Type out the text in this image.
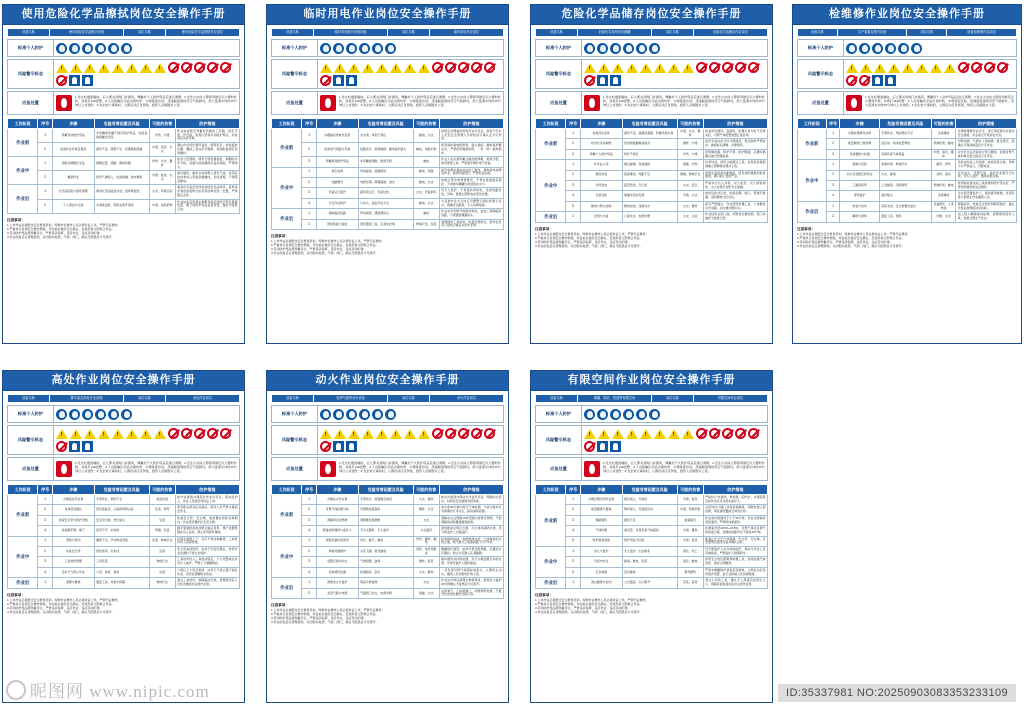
有限空间作业岗位安全操作手册
设备名称	储罐、地坑、管道等有限空间	岗位名称	有限空间作业岗位
标准个人防护
风险警示标志
!
!
!
!
!
!
!
!
应急处置
1.发生轻微泄漏时，应立即关闭阀门并通风，佩戴好个人防护用品后进行清理；2.发生火灾时立即使用就近灭火器材扑救，并拨打119报警；3.人员接触化学品出现灼伤、中毒等症状时，迅速脱离现场至空气新鲜处，用大量清水冲洗15分钟以上并送医；4.发生较大事故时，立即启动应急预案，组织人员疏散并上报。
工作阶段	序号	步骤	危险有害因素及风险	可能的伤害	防护措施
作业前	1	办理有限空间作业票	擅自进入、无审批	中毒、窒息	严格执行"先通风、再检测、后作业"，办理有限空间作业许可并落实监护人。
	2	能量隔离与置换	物料窜入、设备误启动	中毒、机械伤害	关闭进出口阀门并加盲板隔离，切断电源上锁挂牌，彻底清洗置换空间内介质。
	3	强制通风	通风不足	缺氧窒息	作业前持续通风不少于30分钟，作业过程保持连续通风，严禁用纯氧通风。
	4	气体检测	氧含量、有毒有害气体超标	中毒、爆炸	检测氧含量19.5%~23.5%、可燃气体及有毒气体浓度合格，检测时间距作业不超过30分钟。
	5	防护装备准备	防护用品不匹配	中毒、窒息	配备正压式空气呼吸器、安全带、安全绳、应急照明及通讯设备并确认完好。
作业中	1	进入与监护	无人监护、失去联系	窒息、死亡	设专职监护人在外持续监护，保持与作业人员有效联络，严禁监护人擅离职守。
	2	空间内作业	缺氧、触电、坠落	窒息、触电	使用安全电压照明和防爆工具，连续监测气体浓度，超标立即撤离。
	3	应急救援	盲目施救	群死群伤	严禁未佩戴防护装备盲目施救，立即启动应急预案并报警，由专业救援人员实施救援。
作业后	1	清点撤离与封闭	人员遗留、孔口敞开	坠落、窒息	清点人员和工具，确认无人滞留后封闭出入口，拆除盲板恢复系统并关闭作业票。
注意事项：
1.上岗作业必须经过安全教育培训，特种作业操作人员必须持证上岗，严禁无证操作。
2.严格执行各项安全操作规程，作业前应做好安全确认，发现异常立即停止作业。
3.劳动防护用品须穿戴齐全，严禁违章指挥、违章作业、违反劳动纪律。
4.作业结束后应清理现场，关闭相关电源、气源、阀门，确认无隐患后方可离开。
动火作业岗位安全操作手册
设备名称	电焊气割等动火设备	岗位名称	动火作业岗位
标准个人防护
风险警示标志
!
!
!
!
!
!
!
!
应急处置
1.发生轻微泄漏时，应立即关闭阀门并通风，佩戴好个人防护用品后进行清理；2.发生火灾时立即使用就近灭火器材扑救，并拨打119报警；3.人员接触化学品出现灼伤、中毒等症状时，迅速脱离现场至空气新鲜处，用大量清水冲洗15分钟以上并送医；4.发生较大事故时，立即启动应急预案，组织人员疏散并上报。
工作阶段	序号	步骤	危险有害因素及风险	可能的伤害	防护措施
作业前	1	办理动火作业票	无票动火、级别确定错误	火灾、爆炸	按动火级别办理动火作业许可证，明确动火部位、时间及安全措施并经审批。
	2	可燃气体检测分析	可燃物浓度超标	爆炸、火灾	动火前30分钟内进行气体检测，分析合格并在有效期内方可动火，超时重新检测。
	3	清除周边可燃物	周围堆放易燃物	火灾	清除动火点周围10米范围内易燃可燃物，不能清除的采取覆盖隔离措施。
	4	配备消防器材与监护人	无灭火器材、无人监护	火灾蔓延	现场配备足够灭火器、灭火毯和消防水源，设专职监护人全程监护。
作业中	1	焊割设备检查使用	回火、漏气、漏电	灼伤、爆炸、触电	检查焊机接地、电缆绝缘完好；乙炔瓶装回火防止器，氧气瓶与乙炔瓶间距不小于5米。
	2	焊接切割操作	火花飞溅、弧光辐射	烧伤、电光性眼炎	佩戴防护面罩、电焊手套及阻燃服，设置挡火花围挡，防止火花溅入孔洞缝隙。
	3	受限空间内动火	气体积聚、缺氧	爆炸、窒息	保持通风并持续检测，另行办理受限空间作业票，外部设监护人随时联络。
	4	异常情况处置	检测超标、起火	火灾、爆炸	一旦发现可燃气体超标或起火，立即停止动火，撤离人员并组织扑救上报。
作业后	1	清理余火与看护	残留火种复燃	火灾	作业完毕彻底清理火种和焊渣，现场至少看护30分钟确认无复燃后方可离开。
	2	关闭气瓶与电源	气瓶阀门未关、电源未断	泄漏、火灾	关闭氧气、乙炔瓶阀门，切断焊机电源，气瓶归位存放并做好交接记录。
注意事项：
1.上岗作业必须经过安全教育培训，特种作业操作人员必须持证上岗，严禁无证操作。
2.严格执行各项安全操作规程，作业前应做好安全确认，发现异常立即停止作业。
3.劳动防护用品须穿戴齐全，严禁违章指挥、违章作业、违反劳动纪律。
4.作业结束后应清理现场，关闭相关电源、气源、阀门，确认无隐患后方可离开。
高处作业岗位安全操作手册
设备名称	脚手架及高处作业设施	岗位名称	高处作业岗位
标准个人防护
风险警示标志
!
!
!
!
!
!
!
!
应急处置
1.发生轻微泄漏时，应立即关闭阀门并通风，佩戴好个人防护用品后进行清理；2.发生火灾时立即使用就近灭火器材扑救，并拨打119报警；3.人员接触化学品出现灼伤、中毒等症状时，迅速脱离现场至空气新鲜处，用大量清水冲洗15分钟以上并送医；4.发生较大事故时，立即启动应急预案，组织人员疏散并上报。
工作阶段	序号	步骤	危险有害因素及风险	可能的伤害	防护措施
作业前	1	办理高处作业票	无票作业、审批不全	高处坠落	按作业级别办理高处作业许可证，落实监护人，作业人员经培训持证上岗。
	2	身体状况确认	患有高血压、心脏病等禁忌症	坠落、猝死	患有职业禁忌症及酒后、疲劳人员严禁从事高处作业。
	3	检查安全带与防护设施	安全带失效、护栏缺失	坠落	检查安全带、安全绳、速差器在检验有效期内，作业面设置护栏及安全网。
	4	检查脚手架、梯子	搭设不牢、未验收	坍塌、坠落	脚手架须经验收挂牌合格后使用，梯子放置稳固并有人扶持，禁止使用损坏梯具。
作业中	1	登高与移动	攀爬不当、手持物品登高	坠落、物体打击	沿规定通道上下，双手不得持物攀登，工具材料用工具袋传递。
	2	系挂安全带	低挂高用、未系挂	坠落	安全带高挂低用，系挂于牢固可靠处，转移作业位置时不得失去保护。
	3	工具材料管理	工具坠落	物体打击	工具材料放入工具袋并固定，下方设警戒区并有专人看护，严禁上下抛掷物品。
	4	恶劣天气停止作业	大风、雨雪、雷电	坠落	六级以上大风及雷雨、冰雪天气停止露天高处作业，雨雪后清除积水积冰。
作业后	1	清理与撤离	遗留工具、设施未拆除	物体打击	清点工具材料，拆除临时设施，清理现场后人员依次撤离并关闭作业票。
注意事项：
1.上岗作业必须经过安全教育培训，特种作业操作人员必须持证上岗，严禁无证操作。
2.严格执行各项安全操作规程，作业前应做好安全确认，发现异常立即停止作业。
3.劳动防护用品须穿戴齐全，严禁违章指挥、违章作业、违反劳动纪律。
4.作业结束后应清理现场，关闭相关电源、气源、阀门，确认无隐患后方可离开。
检维修作业岗位安全操作手册
设备名称	生产装置及相关设备	岗位名称	设备检维修作业岗位
标准个人防护
风险警示标志
!
!
!
!
!
!
!
!
应急处置
1.发生轻微泄漏时，应立即关闭阀门并通风，佩戴好个人防护用品后进行清理；2.发生火灾时立即使用就近灭火器材扑救，并拨打119报警；3.人员接触化学品出现灼伤、中毒等症状时，迅速脱离现场至空气新鲜处，用大量清水冲洗15分钟以上并送医；4.发生较大事故时，立即启动应急预案，组织人员疏散并上报。
工作阶段	序号	步骤	危险有害因素及风险	可能的伤害	防护措施
作业前	1	办理检维修作业票	无票作业、风险辨识不足	各类事故	办理检维修作业许可，进行风险辨识并落实安全措施，作业前召开班前会交底。
	2	能量隔离上锁挂牌	误启动、残余能量释放	机械伤害、触电	切断电源、气源并上锁挂牌，泄压排空，经确认无残余能量后方可作业。
	3	设备置换与检测	有毒有害气体残留	中毒、窒息、爆炸	对含危化品设备进行吹扫置换，检测可燃气体和氧含量合格后方可作业。
作业中	1	拆卸与吊装	起重伤害、物体打击	砸伤、挤伤	吊装由持证人员指挥，检查索具合格，吊物下方严禁站人，设警戒区。
	2	动火及受限空间作业	火灾、缺氧	烧伤、窒息	涉及动火、受限空间、高处作业须另行办票，设专人监护，通风检测合格。
	3	工器具使用	工具缺陷、违规使用	机械伤害、触电	使用前检查电动工具绝缘和防护罩完好，严禁带病使用和违章操作。
	4	现场监护	监护缺失	各类事故	全过程设置监护人，保持通讯畅通，发现异常立即停止作业撤离人员。
作业后	1	恢复与试车	盲板未拆、安全装置未复位	设备损坏、人身伤害	拆除盲板、恢复安全附件和联锁保护，确认无误后按规程试车验收。
	2	解锁与清场	遗留工具、废料	绊倒、火灾	由上锁人解除锁具标牌，清理现场废料工具，恢复文明生产状态。
注意事项：
1.上岗作业必须经过安全教育培训，特种作业操作人员必须持证上岗，严禁无证操作。
2.严格执行各项安全操作规程，作业前应做好安全确认，发现异常立即停止作业。
3.劳动防护用品须穿戴齐全，严禁违章指挥、违章作业、违反劳动纪律。
4.作业结束后应清理现场，关闭相关电源、气源、阀门，确认无隐患后方可离开。
危险化学品储存岗位安全操作手册
设备名称	危险化学品库房及储罐	岗位名称	危险化学品储存作业岗位
标准个人防护
风险警示标志
!
!
!
!
!
!
!
!
应急处置
1.发生轻微泄漏时，应立即关闭阀门并通风，佩戴好个人防护用品后进行清理；2.发生火灾时立即使用就近灭火器材扑救，并拨打119报警；3.人员接触化学品出现灼伤、中毒等症状时，迅速脱离现场至空气新鲜处，用大量清水冲洗15分钟以上并送医；4.发生较大事故时，立即启动应急预案，组织人员疏散并上报。
工作阶段	序号	步骤	危险有害因素及风险	可能的伤害	防护措施
作业前	1	检查库房条件	通风不良、温湿度超限、防爆设施失效	中毒、火灾、爆炸	检查库房通风、温湿度、防爆灯具与电气设施完好，可燃气体报警装置正常投用。
	2	核对化学品种类	性质相抵触物品混存	爆炸、中毒	按化学品性质分区分类储存，禁忌物料严禁混存，做到标识清晰、台账相符。
	3	穿戴个人防护用品	防护不到位	灼伤、中毒	穿防静电服、防护手套、防护眼镜，必要时佩戴过滤式防毒面具。
作业中	1	化学品入库	搬运碰撞、包装破损	泄漏、灼伤	轻拿轻放，使用合格搬运工具，发现包装破损渗漏立即隔离处理并上报。
	2	堆码存放	超高堆放、垛距不足	倒塌、物体打击	按规定高度和垛距堆码，留足消防通道和检查通道，桶口朝上封闭严密。
	3	出库发放	超量发放、无记录	火灾、流失	严格执行双人双锁、双人收发、双人保管制度，出入库登记台账齐全准确。
	4	日常巡检	泄漏未及时发现	中毒、火灾	按时巡检并记录，检查容器、阀门、管道无泄漏，消防器材完好在位。
	5	静电与明火控制	静电放电、违规动火	火灾、爆炸	库区严禁烟火，作业使用防爆工具，人体静电应先消除，动火须办理许可。
作业后	1	封闭与交接	门窗未关、电源未断	火灾、失窃	作业结束关闭门窗、切断非必要电源，锁门并做好交接班记录。
注意事项：
1.上岗作业必须经过安全教育培训，特种作业操作人员必须持证上岗，严禁无证操作。
2.严格执行各项安全操作规程，作业前应做好安全确认，发现异常立即停止作业。
3.劳动防护用品须穿戴齐全，严禁违章指挥、违章作业、违反劳动纪律。
4.作业结束后应清理现场，关闭相关电源、气源、阀门，确认无隐患后方可离开。
临时用电作业岗位安全操作手册
设备名称	临时用电相关设备设施	岗位名称	临时用电作业岗位
标准个人防护
风险警示标志
!
!
!
!
!
!
!
!
应急处置
1.发生轻微泄漏时，应立即关闭阀门并通风，佩戴好个人防护用品后进行清理；2.发生火灾时立即使用就近灭火器材扑救，并拨打119报警；3.人员接触化学品出现灼伤、中毒等症状时，迅速脱离现场至空气新鲜处，用大量清水冲洗15分钟以上并送医；4.发生较大事故时，立即启动应急预案，组织人员疏散并上报。
工作阶段	序号	步骤	危险有害因素及风险	可能的伤害	防护措施
作业前	1	办理临时用电作业票	未办票、审批不到位	触电、火灾	按规定办理临时用电作业许可证，经电气专业人员及安全管理人员审核签字确认后方可作业。
	2	检查电气线路与设备	线路老化、绝缘破损、漏电保护缺失	触电、电弧灼伤	使用前检查电缆绝缘、插头插座、漏电保护器完好，严禁使用破损电缆，一机一闸一漏电保护。
	3	穿戴绝缘防护用品	未穿戴绝缘鞋、绝缘手套	触电	作业人员必须穿戴合格的绝缘鞋、绝缘手套，使用绝缘工具，严禁湿手操作电气设备。
作业中	1	接引电源	带电接线、接错相线	触电、短路	接引电源必须由持证电工操作，停电验电挂牌后作业，接线牢固规范，严禁私拉乱接。
	2	线路敷设	电缆压埋、跨越通道、浸水	触电、火灾	电缆应架空或穿管敷设，不得在地面随意拖拉，不得被车辆碾压或浸泡在水中。
	3	设备运行监护	超负荷运行、设备过热	火灾、设备损坏	设专人监护，不得超负荷用电，发现线路发热、异味、冒烟立即断电并报告处理。
	4	交叉作业防护	与动火、高处作业交叉	触电、火灾	与其他作业交叉时应设置警示围栏和警示标志，明确安全距离，专人协调指挥。
作业后	1	拆除临时线路	带电拆线、遗留裸线头	触电	作业完毕先断开电源并验电，由电工拆除临时线路，不得遗留裸露线头。
	2	现场恢复与验收	现场遗留工具、孔洞未封堵	物体打击、坠落	清理现场工具材料，恢复设施原状，经作业负责人验收合格后关闭作业票。
注意事项：
1.上岗作业必须经过安全教育培训，特种作业操作人员必须持证上岗，严禁无证操作。
2.严格执行各项安全操作规程，作业前应做好安全确认，发现异常立即停止作业。
3.劳动防护用品须穿戴齐全，严禁违章指挥、违章作业、违反劳动纪律。
4.作业结束后应清理现场，关闭相关电源、气源、阀门，确认无隐患后方可离开。
使用危险化学品擦拭岗位安全操作手册
设备名称	使用危险化学品相关设备	岗位名称	使用危险化学品擦拭作业岗位
标准个人防护
风险警示标志
!
!
!
!
!
!
!
!
应急处置
1.发生轻微泄漏时，应立即关闭阀门并通风，佩戴好个人防护用品后进行清理；2.发生火灾时立即使用就近灭火器材扑救，并拨打119报警；3.人员接触化学品出现灼伤、中毒等症状时，迅速脱离现场至空气新鲜处，用大量清水冲洗15分钟以上并送医；4.发生较大事故时，立即启动应急预案，组织人员疏散并上报。
工作阶段	序号	步骤	危险有害因素及风险	可能的伤害	防护措施
作业前	1	穿戴劳动防护用品	未穿戴或穿戴不规范防护用品，皮肤直接接触化学品	灼伤、中毒	作业前按规定穿戴好防静电工作服、防化手套、护目镜、防毒口罩等劳动防护用品，并检查其完好有效。
	2	检查作业环境及器具	通风不良、照明不足、容器破损泄漏	中毒、窒息、火灾	确认作业场所通风良好、照明充足；检查盛装容器、擦拭工具完好无破损，现场配备相应消防器材。
作业中	1	领取并倾倒化学品	倾倒过量、洒漏、静电积聚	灼伤、火灾、爆炸	按需少量领取，使用专用容器盛装，倾倒时动作平稳，容器与接收器保持良好接地，严禁明火。
	2	擦拭作业	挥发气体吸入、皮肤接触、抹布堆积	中毒、皮炎、火灾	保持通风，避免长时间吸入挥发气体；使用后的抹布放入带盖金属桶内，及时清理，不得随意堆放。
作业后	1	化学品回收与现场清理	剩余化学品随意存放、废弃物混放	火灾、环境污染	剩余化学品密闭回收送回危化品库房；废弃抹布等危险废物交由有资质单位统一处置，严禁随意丢弃。
	2	个人清洁与交接	未清洗皮肤、带药品离开现场	中毒、皮肤损伤	作业结束后用清水和肥皂彻底清洗手部及暴露皮肤，脱下的防护用品妥善存放，做好交接班记录。
注意事项：
1.上岗作业必须经过安全教育培训，特种作业操作人员必须持证上岗，严禁无证操作。
2.严格执行各项安全操作规程，作业前应做好安全确认，发现异常立即停止作业。
3.劳动防护用品须穿戴齐全，严禁违章指挥、违章作业、违反劳动纪律。
4.作业结束后应清理现场，关闭相关电源、气源、阀门，确认无隐患后方可离开。
昵图网 www.nipic.com	ID:35337981 NO:20250903083353233109
